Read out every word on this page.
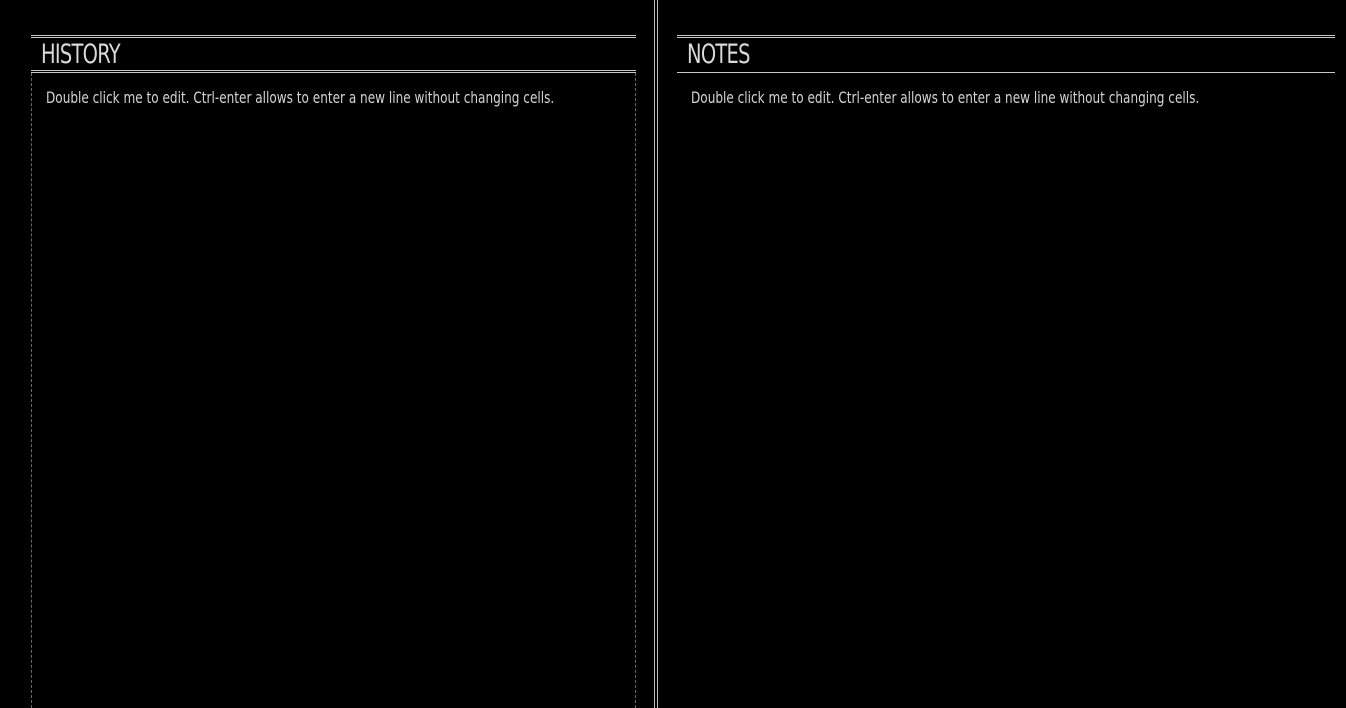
HISTORY
Double click me to edit. Ctrl-enter allows to enter a new line without changing cells.
NOTES
Double click me to edit. Ctrl-enter allows to enter a new line without changing cells.
